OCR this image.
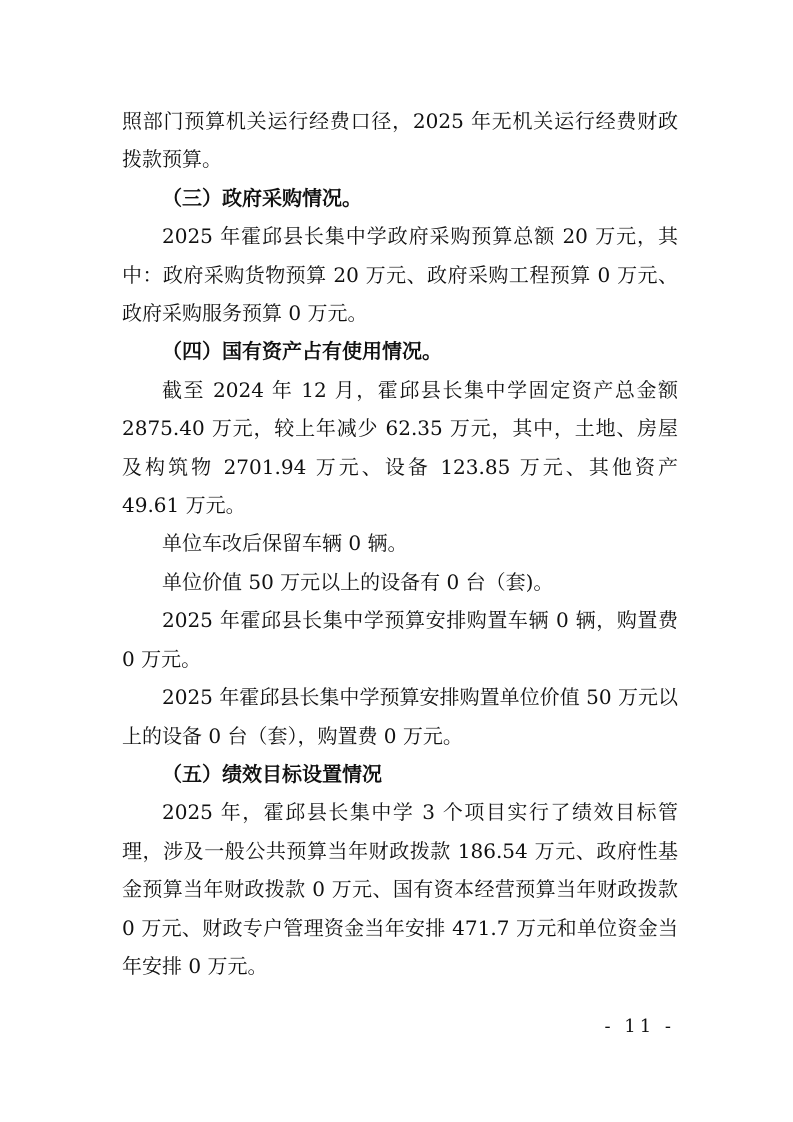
照部门预算机关运行经费口径，2025 年无机关运行经费财政拨款预算。

（三）政府采购情况。

2025 年霍邱县长集中学政府采购预算总额 20 万元，其中：政府采购货物预算 20 万元、政府采购工程预算 0 万元、政府采购服务预算 0 万元。

（四）国有资产占有使用情况。

截至 2024 年 12 月，霍邱县长集中学固定资产总金额 2875.40 万元，较上年减少 62.35 万元，其中，土地、房屋及构筑物 2701.94 万元、设备 123.85 万元、其他资产 49.61 万元。

单位车改后保留车辆 0 辆。

单位价值 50 万元以上的设备有 0 台（套)。

2025 年霍邱县长集中学预算安排购置车辆 0 辆，购置费 0 万元。

2025 年霍邱县长集中学预算安排购置单位价值 50 万元以上的设备 0 台（套），购置费 0 万元。

（五）绩效目标设置情况

2025 年，霍邱县长集中学 3 个项目实行了绩效目标管理，涉及一般公共预算当年财政拨款 186.54 万元、政府性基金预算当年财政拨款 0 万元、国有资本经营预算当年财政拨款 0 万元、财政专户管理资金当年安排 471.7 万元和单位资金当年安排 0 万元。

- 11 -
